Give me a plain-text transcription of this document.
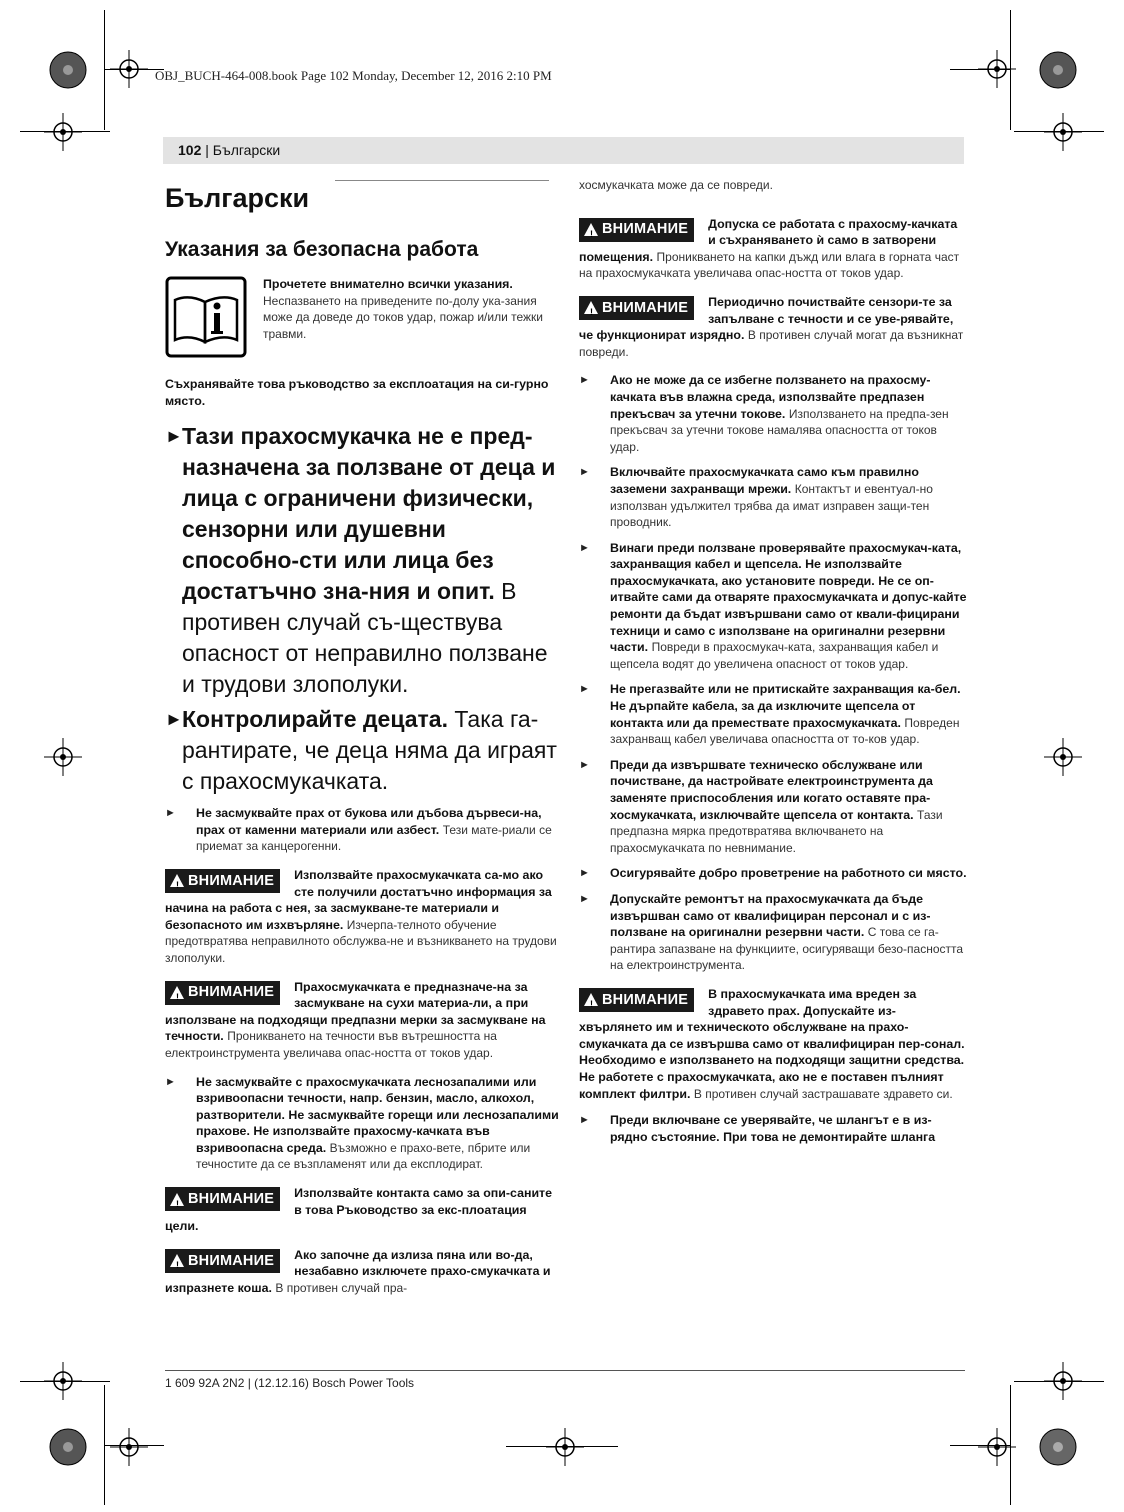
OBJ_BUCH-464-008.book Page 102 Monday, December 12, 2016 2:10 PM
102 | Български
Български
Указания за безопасна работа
Прочетете внимателно всички указания. Неспазването на приведените по-долу ука-зания може да доведе до токов удар, пожар и/или тежки травми.

Съхранявайте това ръководство за експлоатация на си-гурно място.

► Тази прахосмукачка не е пред-назначена за ползване от деца и лица с ограничени физически, сензорни или душевни способно-сти или лица без достатъчно зна-ния и опит. В противен случай съ-ществува опасност от неправилно ползване и трудови злополуки.
► Контролирайте децата. Така га-рантирате, че деца няма да играят с прахосмукачката.
►	Не засмуквайте прах от букова или дъбова дървеси-на, прах от каменни материали или азбест. Тези мате-риали се приемат за канцерогенни.
! ВНИМАНИЕ Използвайте прахосмукачката са-мо ако сте получили достатъчно информация за начина на работа с нея, за засмукване-те материали и безопасното им изхвърляне. Изчерпа-телното обучение предотвратява неправилното обслужва-не и възникването на трудови злополуки.
! ВНИМАНИЕ Прахосмукачката е предназначе-на за засмукване на сухи материа-ли, а при използване на подходящи предпазни мерки за засмукване на течности. Проникването на течности във вътрешността на електроинструмента увеличава опас-ността от токов удар.
►	Не засмуквайте с прахосмукачката леснозапалими или взривоопасни течности, напр. бензин, масло, алкохол, разтворители. Не засмуквайте горещи или леснозапалими прахове. Не използвайте прахосму-качката във взривоопасна среда. Възможно е прахо-вете, пбрите или течностите да се възпламенят или да експлодират.
! ВНИМАНИЕ Използвайте контакта само за опи-саните в това Ръководство за екс-плоатация цели.
! ВНИМАНИЕ Ако започне да излиза пяна или во-да, незабавно изключете прахо-смукачката и изпразнете коша. В противен случай пра-

хосмукачката може да се повреди.

! ВНИМАНИЕ Допуска се работата с прахосму-качката и съхраняването ѝ само в затворени помещения. Проникването на капки дъжд или влага в горната част на прахосмукачката увеличава опас-ността от токов удар.
! ВНИМАНИЕ Периодично почиствайте сензори-те за запълване с течности и се уве-рявайте, че функционират изрядно. В противен случай могат да възникнат повреди.
►	Ако не може да се избегне ползването на прахосму-качката във влажна среда, използвайте предпазен прекъсвач за утечни токове. Използването на предпа-зен прекъсвач за утечни токове намалява опасността от токов удар.
►	Включвайте прахосмукачката само към правилно заземени захранващи мрежи. Контактът и евентуал-но използван удължител трябва да имат изправен защи-тен проводник.
►	Винаги преди ползване проверявайте прахосмукач-ката, захранващия кабел и щепсела. Не използвайте прахосмукачката, ако установите повреди. Не се оп-итвайте сами да отваряте прахосмукачката и допус-кайте ремонти да бъдат извършвани само от квали-фицирани техници и само с използване на оригинални резервни части. Повреди в прахосмукач-ката, захранващия кабел и щепсела водят до увеличена опасност от токов удар.
►	Не прегазвайте или не притискайте захранващия ка-бел. Не дърпайте кабела, за да изключите щепсела от контакта или да премествате прахосмукачката. Повреден захранващ кабел увеличава опасността от то-ков удар.
►	Преди да извършвате техническо обслужване или почистване, да настройвате електроинструмента да заменяте приспособления или когато оставяте пра-хосмукачката, изключвайте щепсела от контакта. Тази предпазна мярка предотвратява включването на прахосмукачката по невнимание.
►	Осигурявайте добро проветрение на работното си място.
►	Допускайте ремонтът на прахосмукачката да бъде извършван само от квалифициран персонал и с из-ползване на оригинални резервни части. С това се га-рантира запазване на функциите, осигуряващи безо-пасността на електроинструмента.
! ВНИМАНИЕ В прахосмукачката има вреден за здравето прах. Допускайте из-хвърлянето им и техническото обслужване на прахо-смукачката да се извършва само от квалифициран пер-сонал. Необходимо е използването на подходящи защитни средства. Не работете с прахосмукачката, ако не е поставен пълният комплект филтри. В противен случай застрашавате здравето си.
►	Преди включване се уверявайте, че шлангът е в из-рядно състояние. При това не демонтирайте шланга
1 609 92A 2N2 | (12.12.16) Bosch Power Tools
